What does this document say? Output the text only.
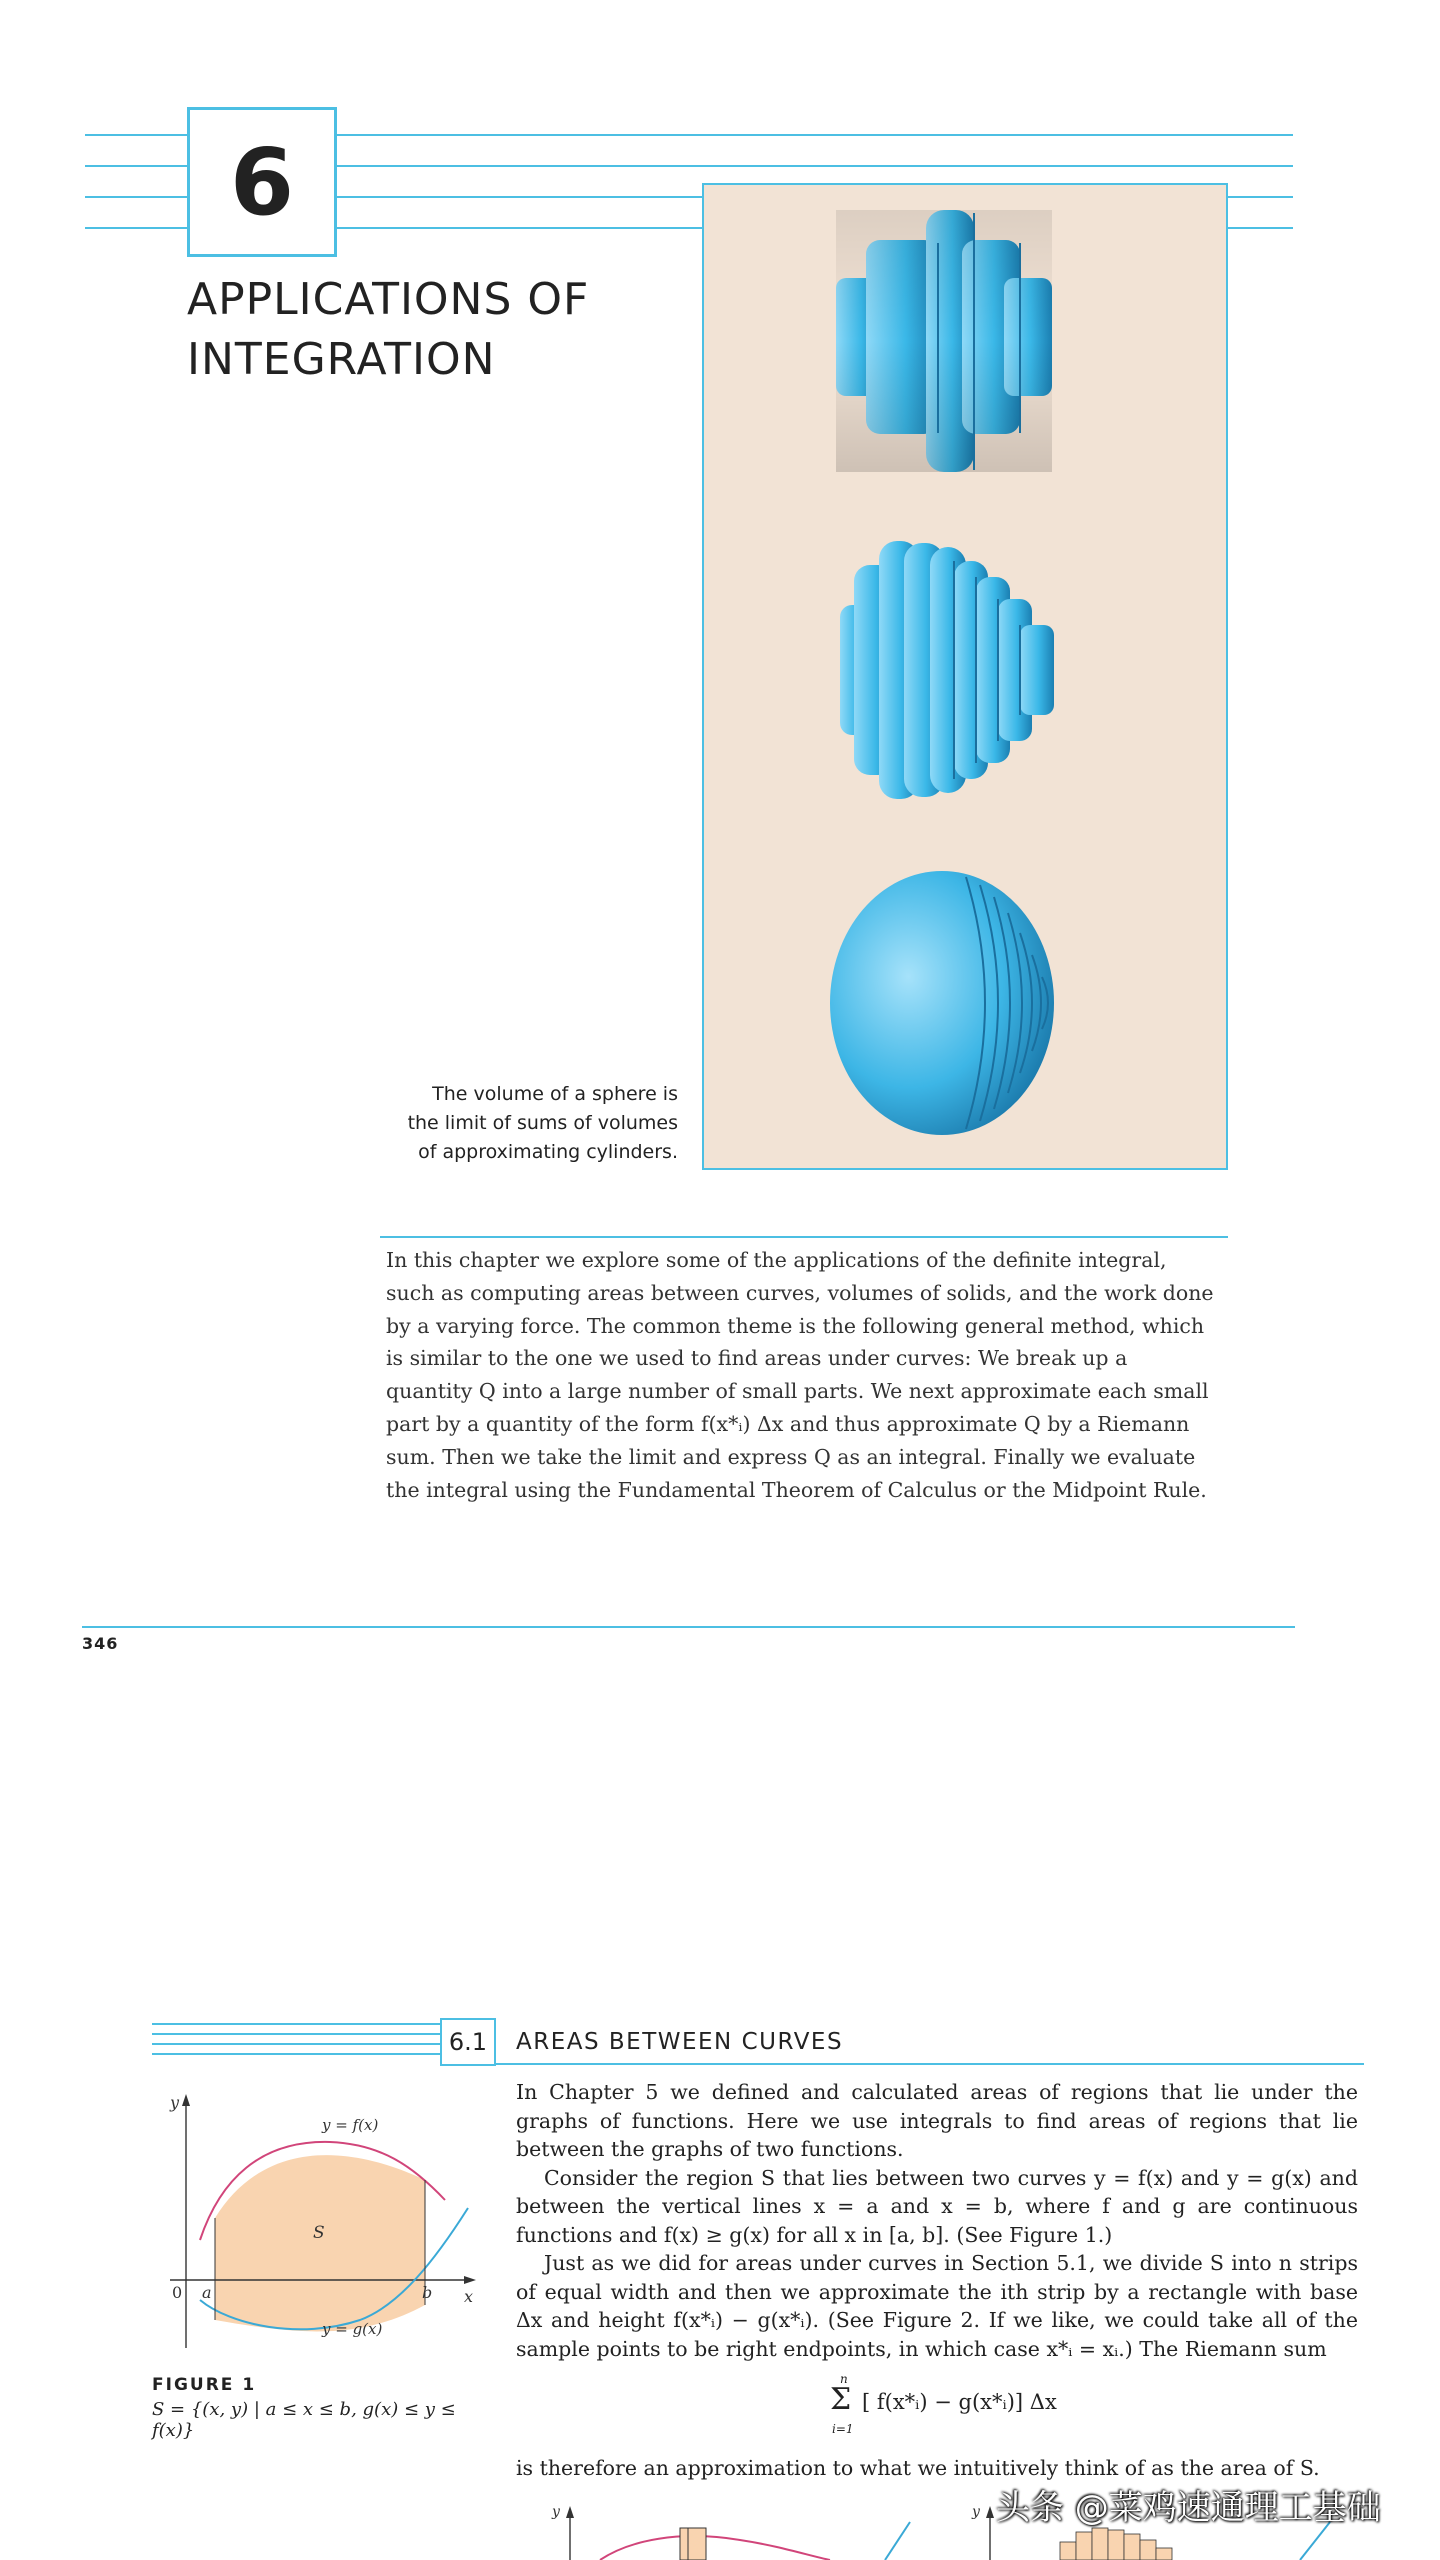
6
APPLICATIONS OF
INTEGRATION
The volume of a sphere is
the limit of sums of volumes
of approximating cylinders.
In this chapter we explore some of the applications of the definite integral, such as computing areas between curves, volumes of solids, and the work done by a varying force. The common theme is the following general method, which is similar to the one we used to find areas under curves: We break up a quantity Q into a large number of small parts. We next approximate each small part by a quantity of the form f(x*ᵢ) Δx and thus approximate Q by a Riemann sum. Then we take the limit and express Q as an integral. Finally we evaluate the integral using the Fundamental Theorem of Calculus or the Midpoint Rule.
346
6.1	AREAS BETWEEN CURVES

In Chapter 5 we defined and calculated areas of regions that lie under the graphs of functions. Here we use integrals to find areas of regions that lie between the graphs of two functions.

Consider the region S that lies between two curves y = f(x) and y = g(x) and between the vertical lines x = a and x = b, where f and g are continuous functions and f(x) ≥ g(x) for all x in [a, b]. (See Figure 1.)

Just as we did for areas under curves in Section 5.1, we divide S into n strips of equal width and then we approximate the ith strip by a rectangle with base Δx and height f(x*ᵢ) − g(x*ᵢ). (See Figure 2. If we like, we could take all of the sample points to be right endpoints, in which case x*ᵢ = xᵢ.) The Riemann sum

n
Σ
i=1
[ f(x*ᵢ) − g(x*ᵢ)] Δx
is therefore an approximation to what we intuitively think of as the area of S.
y
x
0 a	b
S
y = f(x)
y = g(x)
FIGURE 1
S = {(x, y) | a ≤ x ≤ b, g(x) ≤ y ≤ f(x)}
y	y 头条 @菜鸡速通理工基础
